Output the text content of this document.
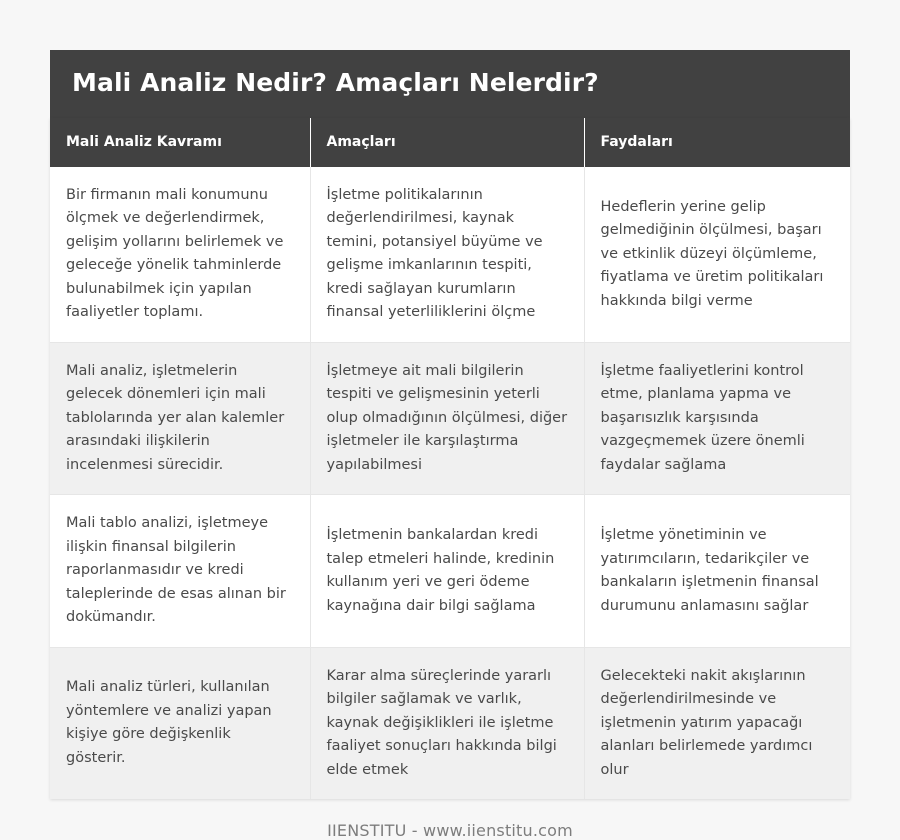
Mali Analiz Nedir? Amaçları Nelerdir?
Mali Analiz Kavramı	Amaçları	Faydaları
Bir firmanın mali konumunu ölçmek ve değerlendirmek, gelişim yollarını belirlemek ve geleceğe yönelik tahminlerde bulunabilmek için yapılan faaliyetler toplamı.	İşletme politikalarının değerlendirilmesi, kaynak temini, potansiyel büyüme ve gelişme imkanlarının tespiti, kredi sağlayan kurumların finansal yeterliliklerini ölçme	Hedeflerin yerine gelip gelmediğinin ölçülmesi, başarı ve etkinlik düzeyi ölçümleme, fiyatlama ve üretim politikaları hakkında bilgi verme
Mali analiz, işletmelerin gelecek dönemleri için mali tablolarında yer alan kalemler arasındaki ilişkilerin incelenmesi sürecidir.	İşletmeye ait mali bilgilerin tespiti ve gelişmesinin yeterli olup olmadığının ölçülmesi, diğer işletmeler ile karşılaştırma yapılabilmesi	İşletme faaliyetlerini kontrol etme, planlama yapma ve başarısızlık karşısında vazgeçmemek üzere önemli faydalar sağlama
Mali tablo analizi, işletmeye ilişkin finansal bilgilerin raporlanmasıdır ve kredi taleplerinde de esas alınan bir dokümandır.	İşletmenin bankalardan kredi talep etmeleri halinde, kredinin kullanım yeri ve geri ödeme kaynağına dair bilgi sağlama	İşletme yönetiminin ve yatırımcıların, tedarikçiler ve bankaların işletmenin finansal durumunu anlamasını sağlar
Mali analiz türleri, kullanılan yöntemlere ve analizi yapan kişiye göre değişkenlik gösterir.	Karar alma süreçlerinde yararlı bilgiler sağlamak ve varlık, kaynak değişiklikleri ile işletme faaliyet sonuçları hakkında bilgi elde etmek	Gelecekteki nakit akışlarının değerlendirilmesinde ve işletmenin yatırım yapacağı alanları belirlemede yardımcı olur
IIENSTITU - www.iienstitu.com
